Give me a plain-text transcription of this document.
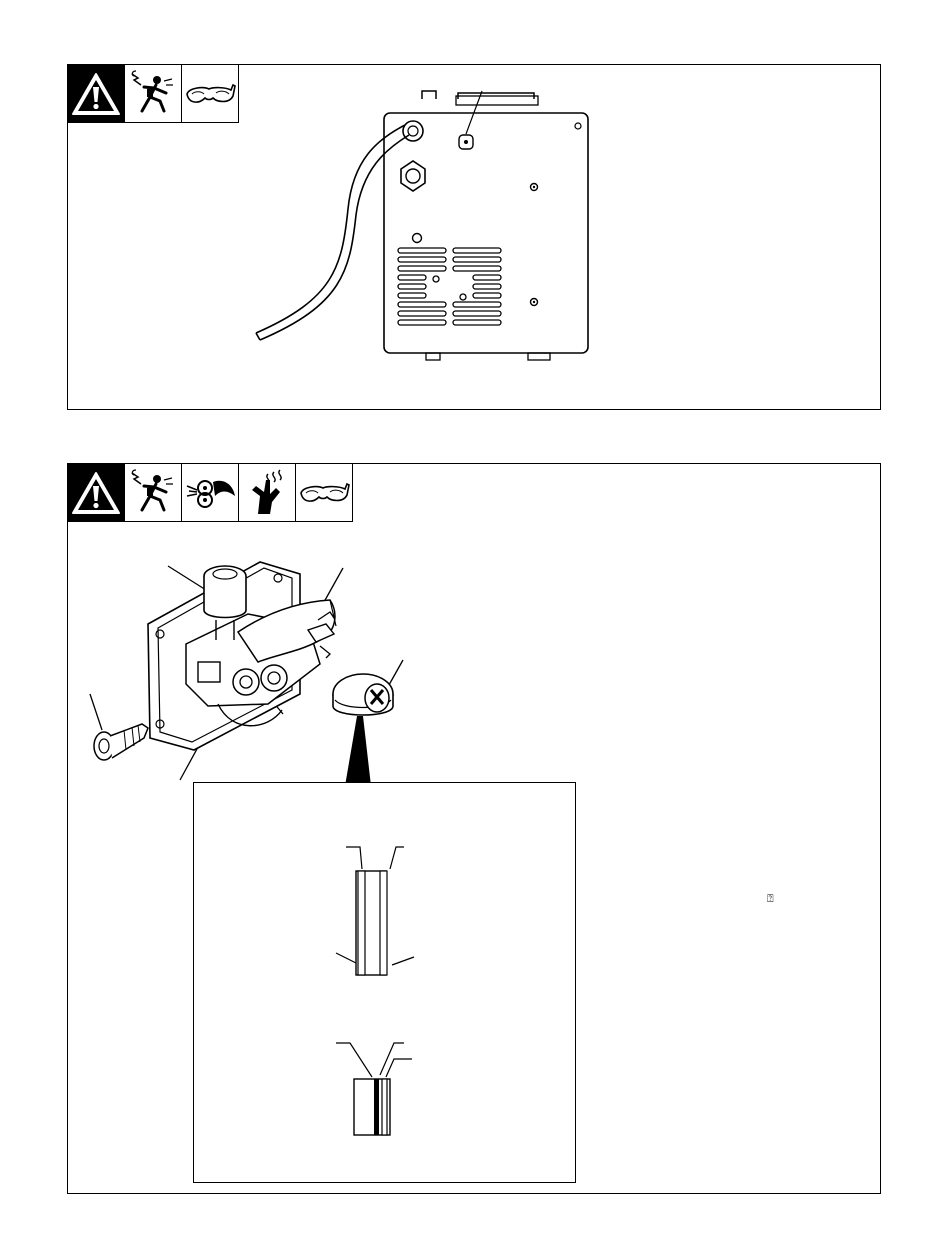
⍰
